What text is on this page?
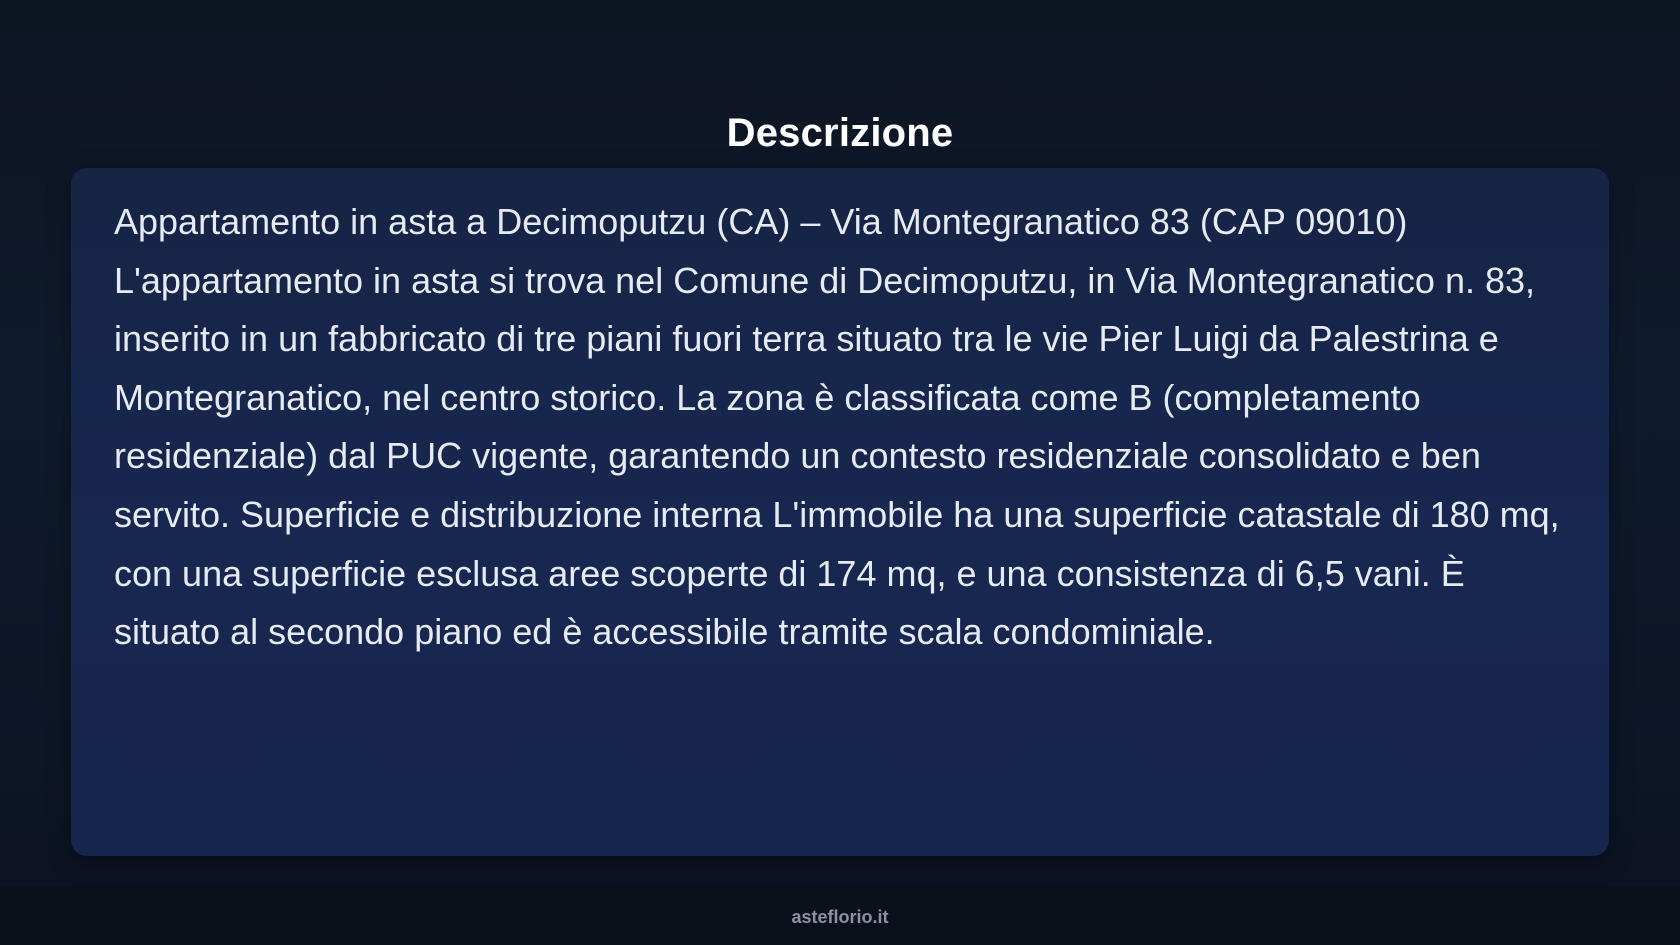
Descrizione

Appartamento in asta a Decimoputzu (CA) – Via Montegranatico 83 (CAP 09010)
L'appartamento in asta si trova nel Comune di Decimoputzu, in Via Montegranatico n. 83, inserito in un fabbricato di tre piani fuori terra situato tra le vie Pier Luigi da Palestrina e Montegranatico, nel centro storico. La zona è classificata come B (completamento residenziale) dal PUC vigente, garantendo un contesto residenziale consolidato e ben servito. Superficie e distribuzione interna L'immobile ha una superficie catastale di 180 mq, con una superficie esclusa aree scoperte di 174 mq, e una consistenza di 6,5 vani. È situato al secondo piano ed è accessibile tramite scala condominiale.

asteflorio.it
